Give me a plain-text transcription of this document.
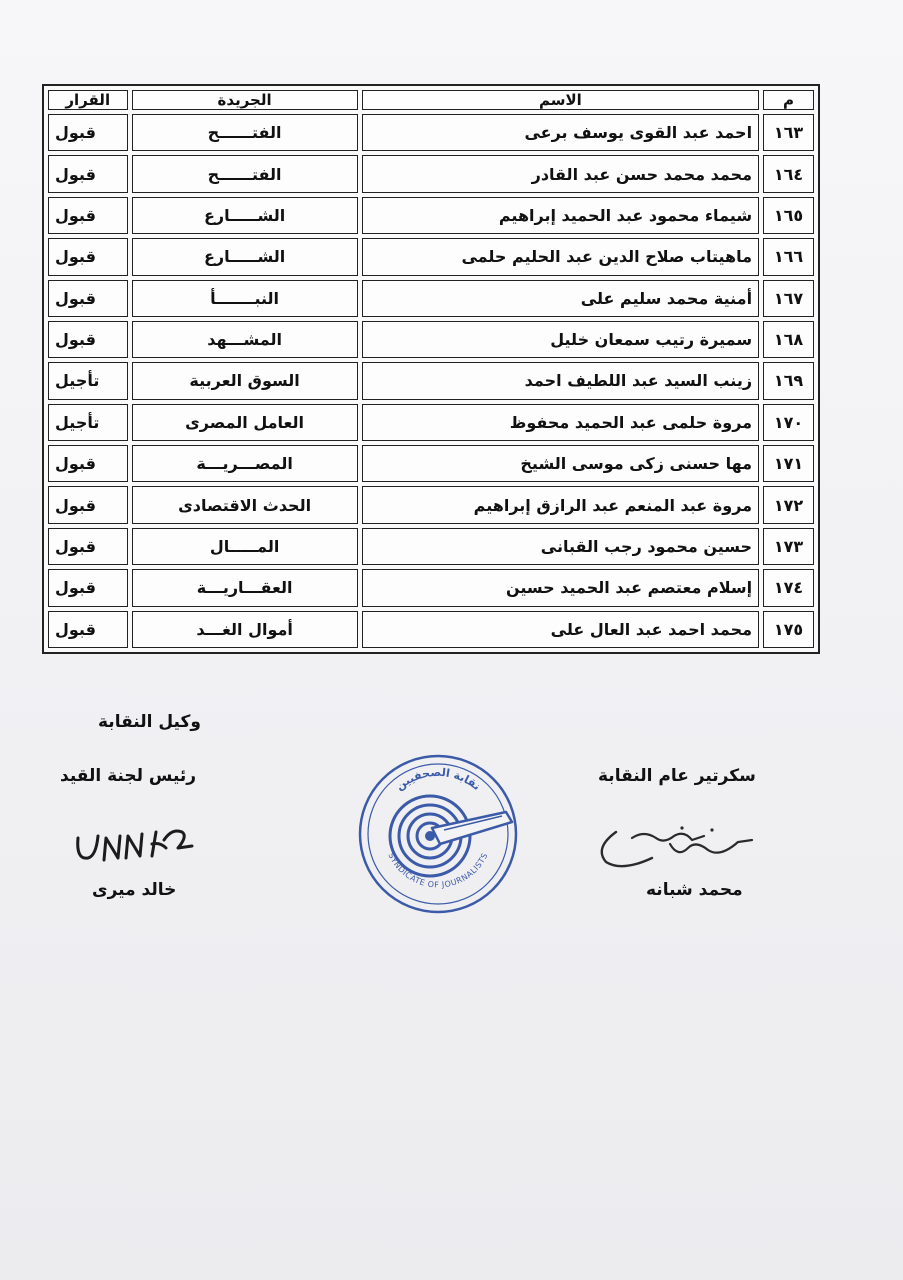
م	الاسم	الجريدة	القرار
١٦٣	احمد عبد القوى يوسف برعى	الفتــــــح	قبول
١٦٤	محمد محمد حسن عبد القادر	الفتــــــح	قبول
١٦٥	شيماء محمود عبد الحميد إبراهيم	الشـــــارع	قبول
١٦٦	ماهيتاب صلاح الدين عبد الحليم حلمى	الشـــــارع	قبول
١٦٧	أمنية محمد سليم على	النبـــــــأ	قبول
١٦٨	سميرة رتيب سمعان خليل	المشـــهد	قبول
١٦٩	زينب السيد عبد اللطيف احمد	السوق العربية	تأجيل
١٧٠	مروة حلمى عبد الحميد محفوظ	العامل المصرى	تأجيل
١٧١	مها حسنى زكى موسى الشيخ	المصـــريـــة	قبول
١٧٢	مروة عبد المنعم عبد الرازق إبراهيم	الحدث الاقتصادى	قبول
١٧٣	حسين محمود رجب القبانى	المـــــال	قبول
١٧٤	إسلام معتصم عبد الحميد حسين	العقـــاريـــة	قبول
١٧٥	محمد احمد عبد العال على	أموال الغـــد	قبول
وكيل النقابة
رئيس لجنة القيد
خالد ميرى
سكرتير عام النقابة
محمد شبانه
نقابة الصحفيين
SYNDICATE OF JOURNALISTS
